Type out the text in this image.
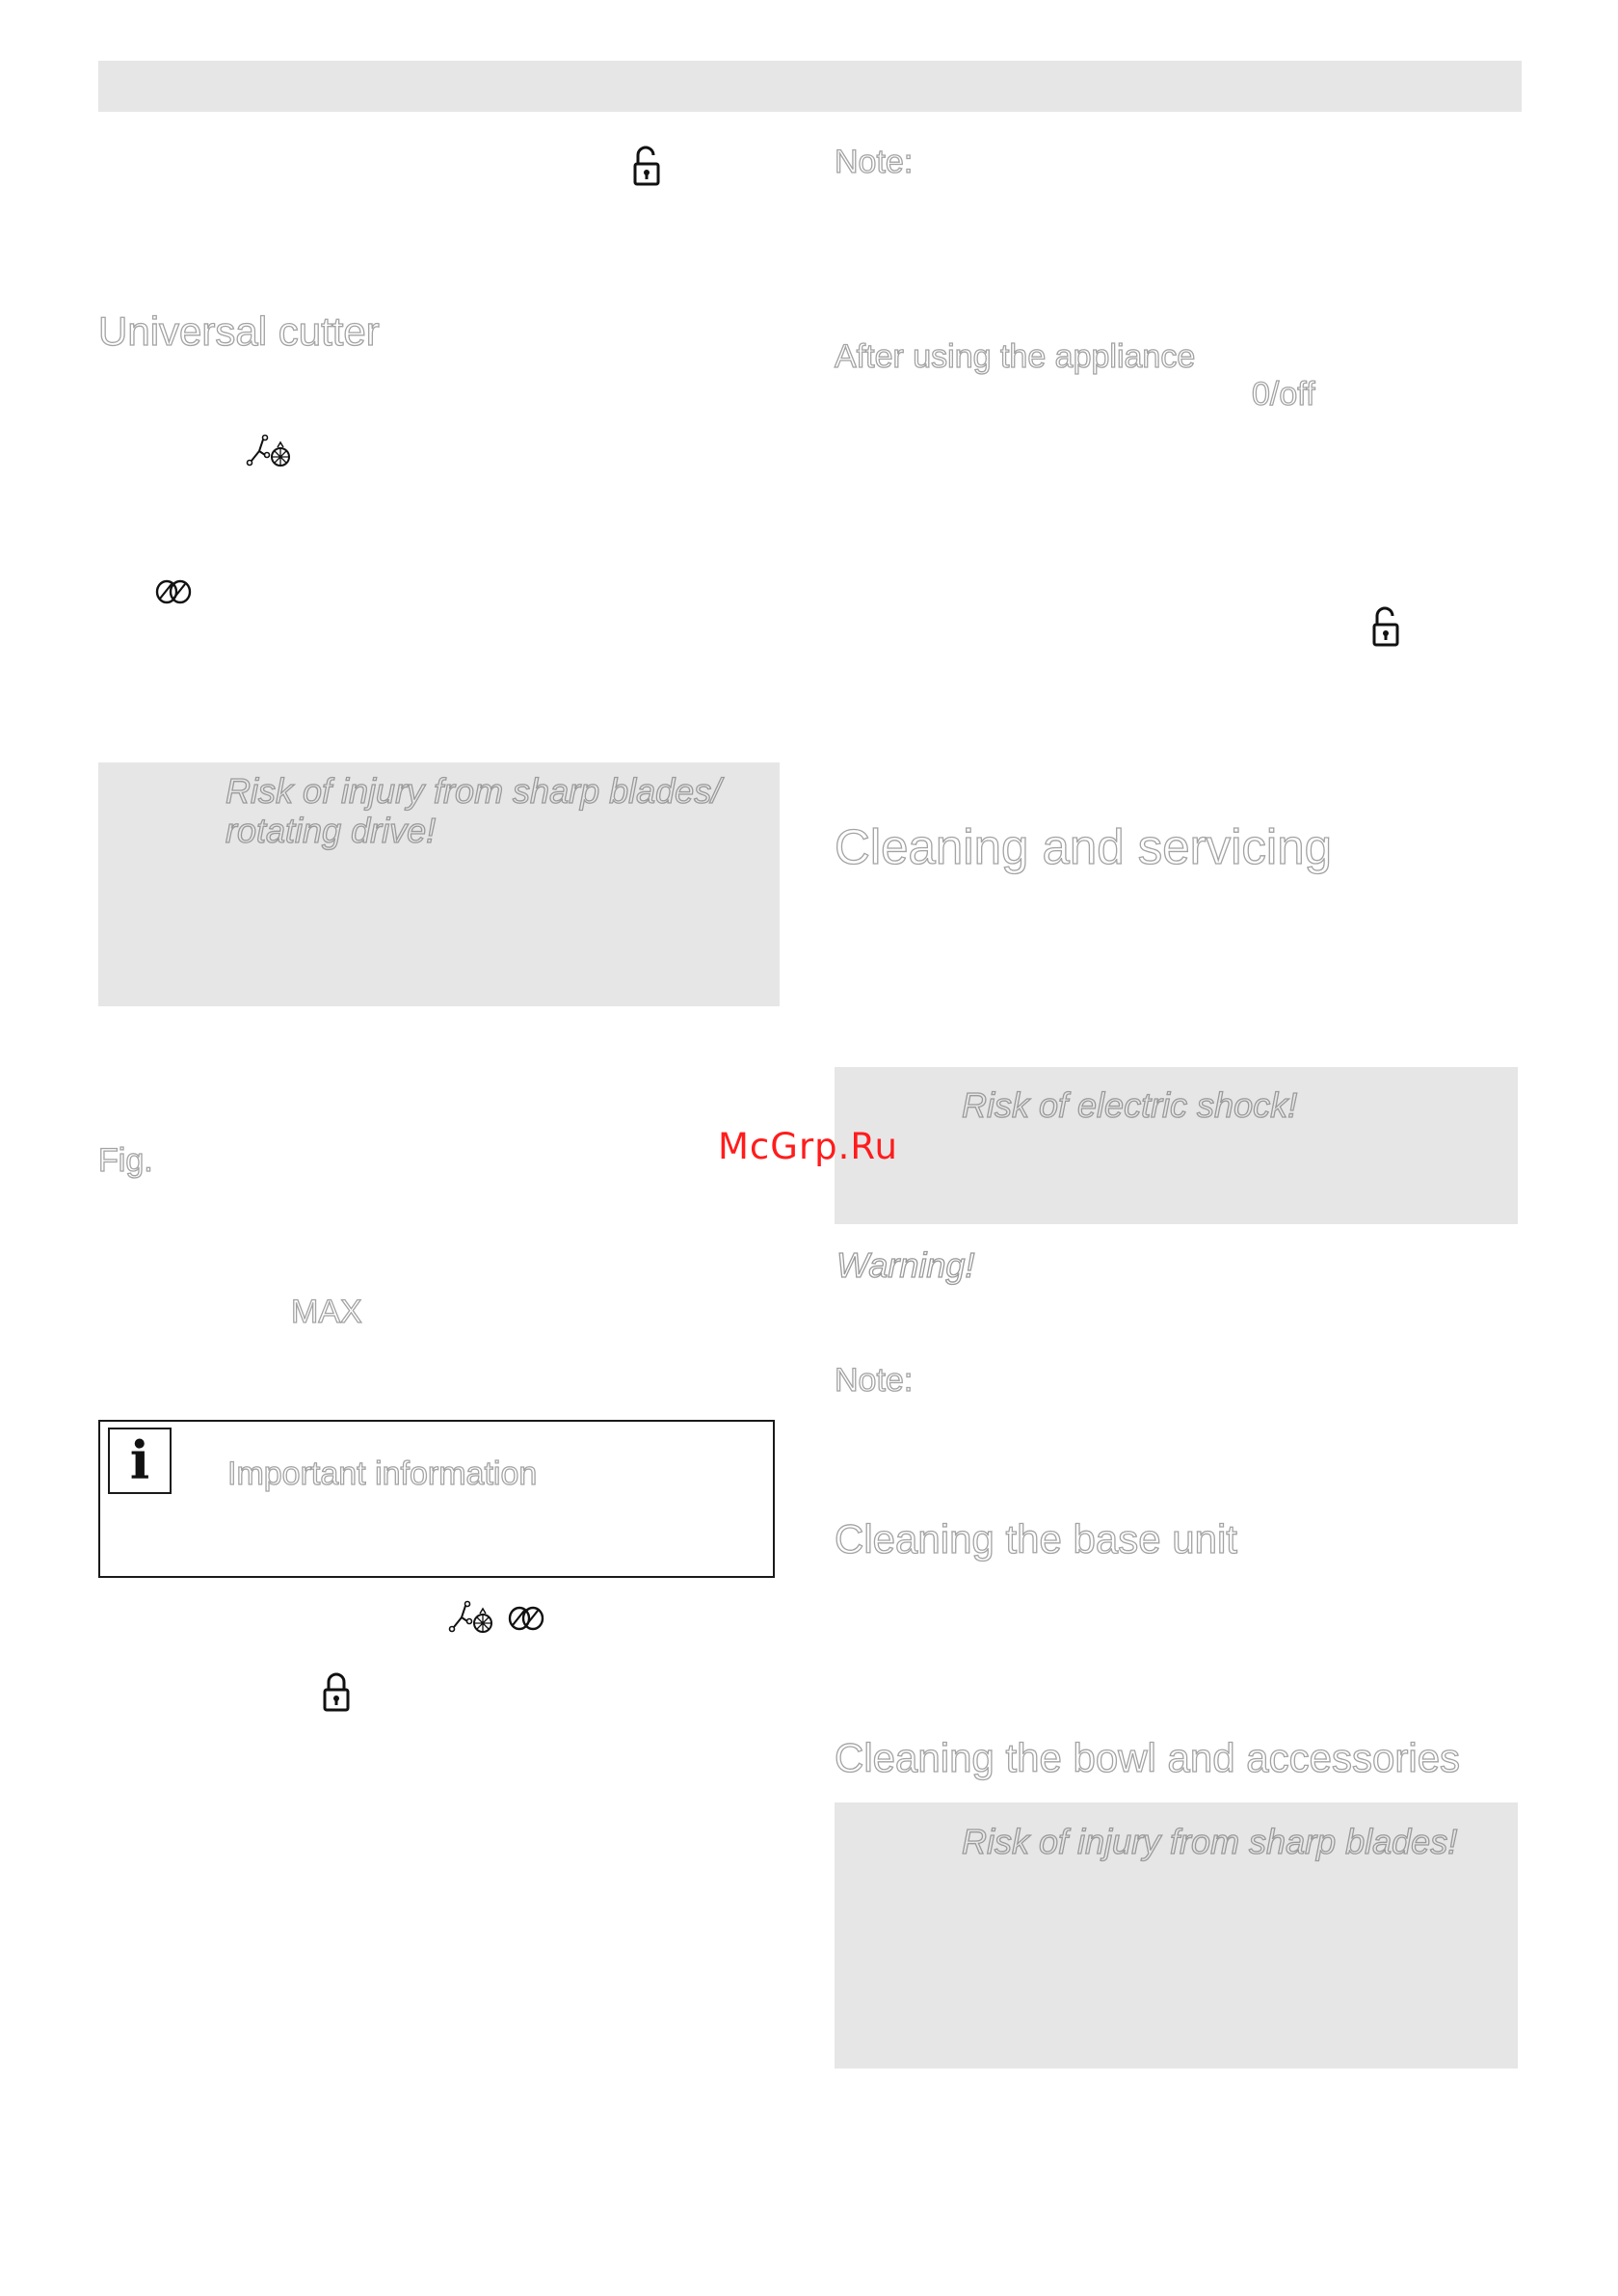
Universal cutter
Risk of injury from sharp blades/
rotating drive!
Fig.
MAX
i	Important information
Note:
After using the appliance
0/off
Cleaning and servicing
Risk of electric shock!
Warning!
Note:
Cleaning the base unit
Cleaning the bowl and accessories
Risk of injury from sharp blades!
McGrp.Ru
